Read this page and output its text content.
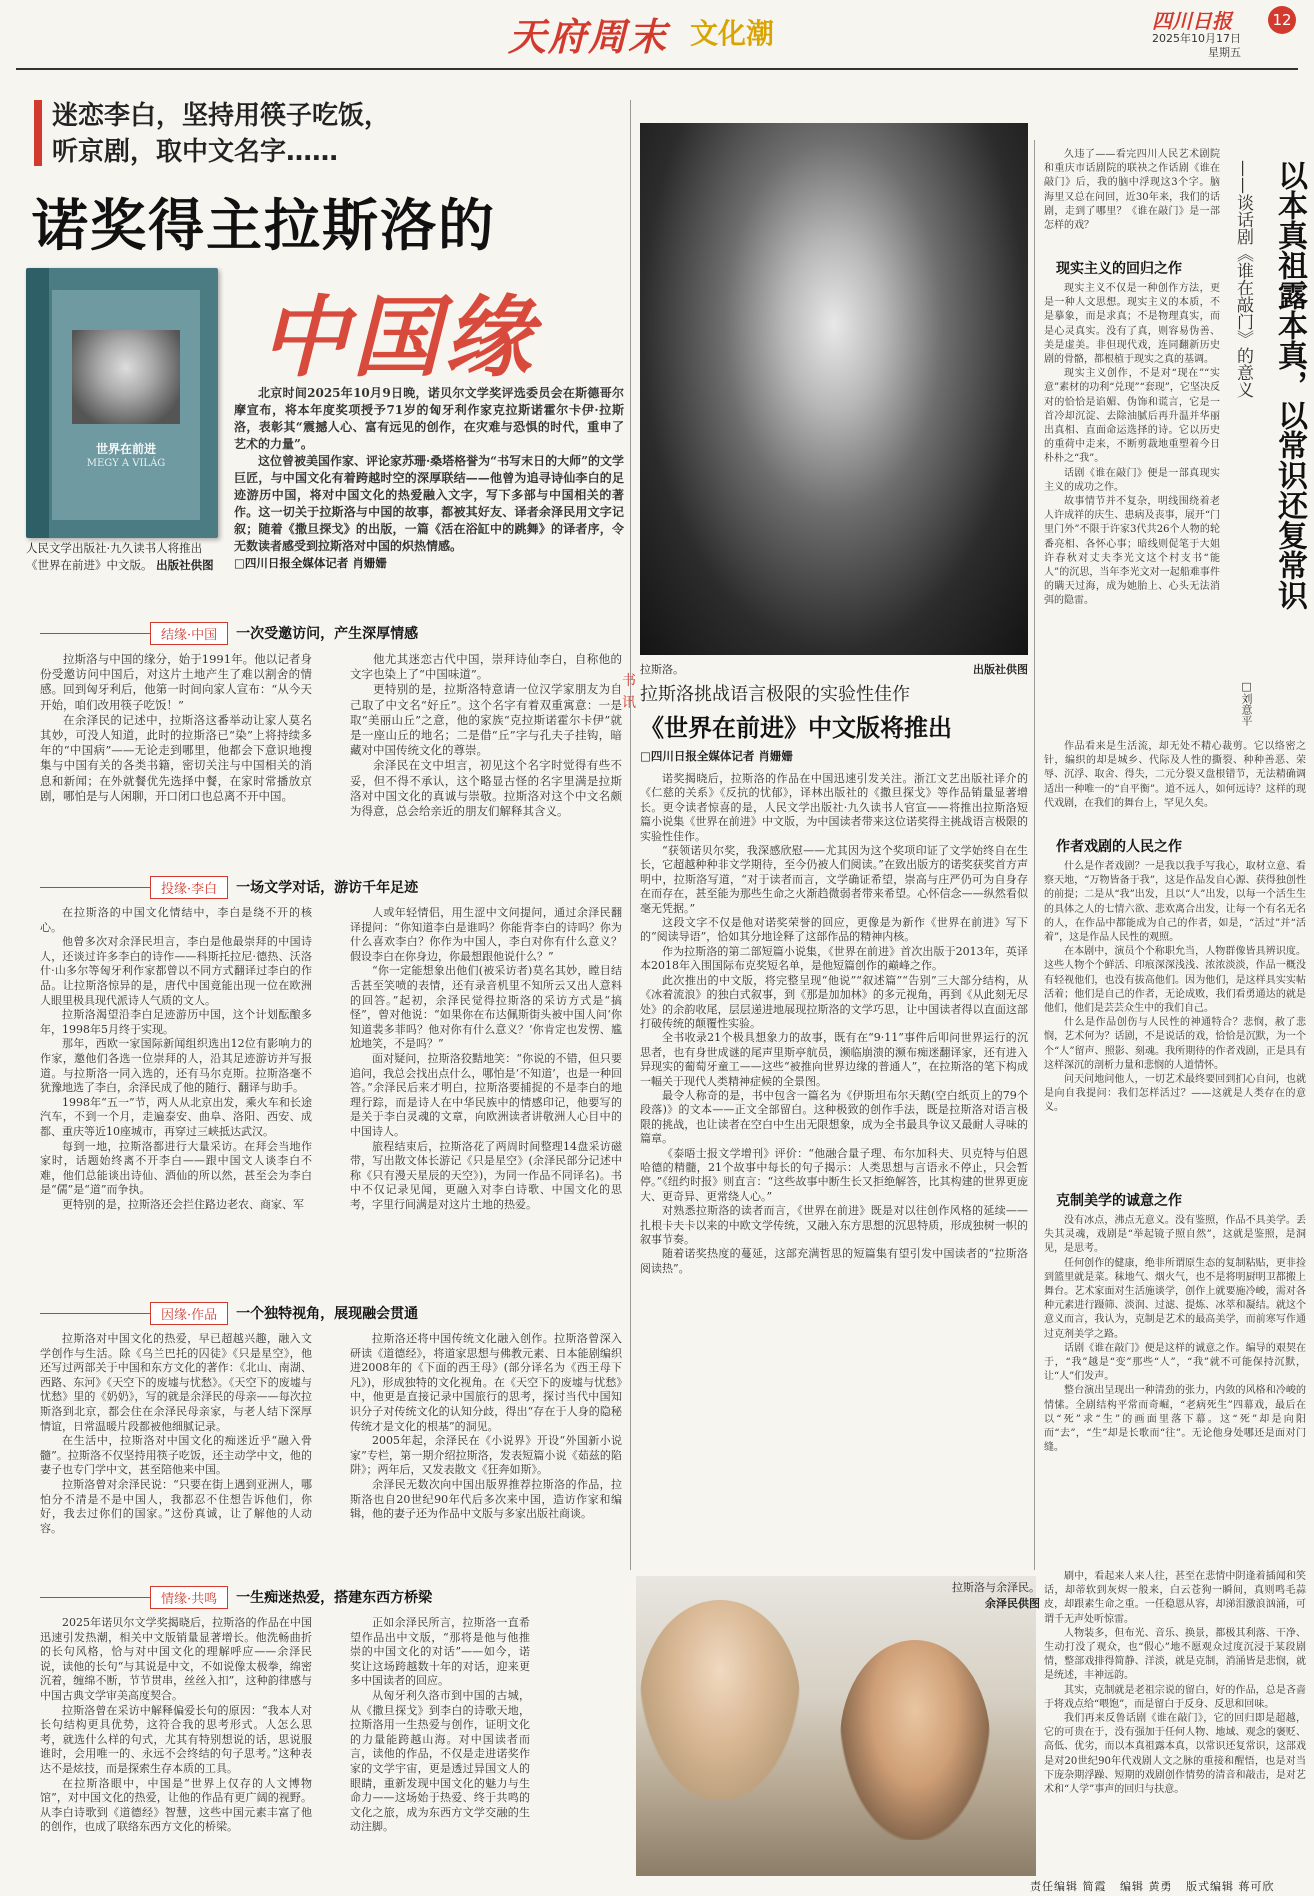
天府周末 文化潮	四川日报
2025年10月17日
星期五
12
迷恋李白，坚持用筷子吃饭，
听京剧，取中文名字……
诺奖得主拉斯洛的
中国缘
世界在前进
MEGY A VILÁG
人民文学出版社·九久读书人将推出《世界在前进》中文版。 出版社供图

北京时间2025年10月9日晚，诺贝尔文学奖评选委员会在斯德哥尔摩宣布，将本年度奖项授予71岁的匈牙利作家克拉斯诺霍尔卡伊·拉斯洛，表彰其“震撼人心、富有远见的创作，在灾难与恐惧的时代，重申了艺术的力量”。

这位曾被美国作家、评论家苏珊·桑塔格誉为“书写末日的大师”的文学巨匠，与中国文化有着跨越时空的深厚联结——他曾为追寻诗仙李白的足迹游历中国，将对中国文化的热爱融入文字，写下多部与中国相关的著作。这一切关于拉斯洛与中国的故事，都被其好友、译者余泽民用文字记叙；随着《撒旦探戈》的出版，一篇《活在浴缸中的跳舞》的译者序，令无数读者感受到拉斯洛对中国的炽热情感。

□四川日报全媒体记者 肖姗姗
结缘·中国	一次受邀访问，产生深厚情感

拉斯洛与中国的缘分，始于1991年。他以记者身份受邀访问中国后，对这片土地产生了难以割舍的情感。回到匈牙利后，他第一时间向家人宣布：“从今天开始，咱们改用筷子吃饭！”

在余泽民的记述中，拉斯洛这番举动让家人莫名其妙，可没人知道，此时的拉斯洛已“染”上将持续多年的“中国病”——无论走到哪里，他都会下意识地搜集与中国有关的各类书籍，密切关注与中国相关的消息和新闻；在外就餐优先选择中餐，在家时常播放京剧，哪怕是与人闲聊，开口闭口也总离不开中国。

他尤其迷恋古代中国，崇拜诗仙李白，自称他的文字也染上了“中国味道”。

更特别的是，拉斯洛特意请一位汉学家朋友为自己取了中文名“好丘”。这个名字有着双重寓意：一是取“美丽山丘”之意，他的家族“克拉斯诺霍尔卡伊”就是一座山丘的地名；二是借“丘”字与孔夫子挂钩，暗藏对中国传统文化的尊崇。

余泽民在文中坦言，初见这个名字时觉得有些不妥，但不得不承认，这个略显古怪的名字里满是拉斯洛对中国文化的真诚与崇敬。拉斯洛对这个中文名颇为得意，总会给亲近的朋友们解释其含义。

投缘·李白	一场文学对话，游访千年足迹

在拉斯洛的中国文化情结中，李白是绕不开的核心。

他曾多次对余泽民坦言，李白是他最崇拜的中国诗人，还谈过许多李白的诗作——科斯托拉尼·德热、沃洛什·山多尔等匈牙利作家都曾以不同方式翻译过李白的作品。让拉斯洛惊异的是，唐代中国竟能出现一位在欧洲人眼里极具现代派诗人气质的文人。

拉斯洛渴望沿李白足迹游历中国，这个计划酝酿多年，1998年5月终于实现。

那年，西欧一家国际新闻组织选出12位有影响力的作家，邀他们各选一位崇拜的人，沿其足迹游访并写报道。与拉斯洛一同入选的，还有马尔克斯。拉斯洛毫不犹豫地选了李白，余泽民成了他的随行、翻译与助手。

1998年“五一”节，两人从北京出发，乘火车和长途汽车，不到一个月，走遍泰安、曲阜、洛阳、西安、成都、重庆等近10座城市，再穿过三峡抵达武汉。

每到一地，拉斯洛都进行大量采访。在拜会当地作家时，话题始终离不开李白——跟中国文人谈李白不难，他们总能谈出诗仙、酒仙的所以然，甚至会为李白是“儒”是“道”而争执。

更特别的是，拉斯洛还会拦住路边老农、商家、军

人或年轻情侣，用生涩中文问提问，通过余泽民翻译提问：“你知道李白是谁吗？你能背李白的诗吗？你为什么喜欢李白？你作为中国人，李白对你有什么意义？假设李白在你身边，你最想跟他说什么？”

“你一定能想象出他们(被采访者)莫名其妙，瞠目结舌甚至笑喷的表情，还有录音机里不知所云又出人意料的回答。”起初，余泽民觉得拉斯洛的采访方式是“搞怪”，曾对他说：“如果你在布达佩斯街头被中国人问‘你知道裴多菲吗？他对你有什么意义？’你肯定也发愣、尴尬地笑，不是吗？”

面对疑问，拉斯洛狡黠地笑：“你说的不错，但只要追问，我总会找出点什么，哪怕是‘不知道’，也是一种回答。”余泽民后来才明白，拉斯洛要捕捉的不是李白的地理行踪，而是诗人在中华民族中的情感印记，他要写的是关于李白灵魂的文章，向欧洲读者讲敬洲人心目中的中国诗人。

旅程结束后，拉斯洛花了两周时间整理14盘采访磁带，写出散文体长游记《只是星空》(余泽民部分记述中称《只有漫天星辰的天空》)，为同一作品不同译名)。书中不仅记录见闻，更融入对李白诗歌、中国文化的思考，字里行间满是对这片土地的热爱。

因缘·作品	一个独特视角，展现融会贯通

拉斯洛对中国文化的热爱，早已超越兴趣，融入文学创作与生活。除《乌兰巴托的囚徒》《只是星空》，他还写过两部关于中国和东方文化的著作：《北山、南湖、西路、东河》《天空下的废墟与忧愁》。《天空下的废墟与忧愁》里的《奶奶》，写的就是余泽民的母亲——每次拉斯洛到北京，都会住在余泽民母亲家，与老人结下深厚情谊，日常温暖片段都被他细腻记录。

在生活中，拉斯洛对中国文化的痴迷近乎“融入骨髓”。拉斯洛不仅坚持用筷子吃饭，还主动学中文，他的妻子也专门学中文，甚至陪他来中国。

拉斯洛曾对余泽民说：“只要在街上遇到亚洲人，哪怕分不清是不是中国人，我都忍不住想告诉他们，你好，我去过你们的国家。”这份真诚，让了解他的人动容。

拉斯洛还将中国传统文化融入创作。拉斯洛曾深入研读《道德经》，将道家思想与佛教元素、日本能剧编织进2008年的《下面的西王母》(部分译名为《西王母下凡》)，形成独特的文化视角。在《天空下的废墟与忧愁》中，他更是直接记录中国旅行的思考，探讨当代中国知识分子对传统文化的认知分歧，得出“存在于人身的隐秘传统才是文化的根基”的洞见。

2005年起，余泽民在《小说界》开设“外国新小说家”专栏，第一期介绍拉斯洛，发表短篇小说《茹兹的陷阱》；两年后，又发表散文《狂奔如斯》。

余泽民无数次向中国出版界推荐拉斯洛的作品，拉斯洛也自20世纪90年代后多次来中国，造访作家和编辑，他的妻子还为作品中文版与多家出版社商谈。

情缘·共鸣	一生痴迷热爱，搭建东西方桥梁

2025年诺贝尔文学奖揭晓后，拉斯洛的作品在中国迅速引发热潮，相关中文版销量显著增长。他洗畅曲折的长句风格，恰与对中国文化的理解呼应——余泽民说，读他的长句“与其说是中文，不如说像太极拳，绵密沉着，缠绵不断，节节贯串，丝丝入扣”，这种韵律感与中国古典文学审美高度契合。

拉斯洛曾在采访中解释偏爱长句的原因：“我本人对长句结构更具优势，这符合我的思考形式。人怎么思考，就选什么样的句式，尤其有特别想说的话，思说服谁时，会用唯一的、永远不会终结的句子思考。”这种表达不是炫技，而是探索生存本质的工具。

在拉斯洛眼中，中国是“世界上仅存的人文博物馆”，对中国文化的热爱，让他的作品有更广阔的视野。从李白诗歌到《道德经》智慧，这些中国元素丰富了他的创作，也成了联络东西方文化的桥梁。

正如余泽民所言，拉斯洛一直希望作品出中文版，“那将是他与他推崇的中国文化的对话”——如今，诺奖让这场跨越数十年的对话，迎来更多中国读者的回应。

从匈牙利久洛市到中国的古城，从《撒旦探戈》到李白的诗歌天地，拉斯洛用一生热爱与创作，证明文化的力量能跨越山海。对中国读者而言，读他的作品，不仅是走进诺奖作家的文学宇宙，更是透过异国文人的眼睛，重新发现中国文化的魅力与生命力——这场始于热爱、终于共鸣的文化之旅，成为东西方文学交融的生动注脚。

拉斯洛。	出版社供图
书讯 拉斯洛挑战语言极限的实验性佳作
《世界在前进》中文版将推出
□四川日报全媒体记者 肖姗姗

诺奖揭晓后，拉斯洛的作品在中国迅速引发关注。浙江文艺出版社译介的《仁慈的关系》《反抗的忧郁》，译林出版社的《撒旦探戈》等作品销量显著增长。更令读者惊喜的是，人民文学出版社·九久读书人官宣——将推出拉斯洛短篇小说集《世界在前进》中文版，为中国读者带来这位诺奖得主挑战语言极限的实验性佳作。

“获领诺贝尔奖，我深感欣慰——尤其因为这个奖项印证了文学始终自在生长，它超越种种非文学期待，至今仍被人们阅读。”在致出版方的诺奖获奖首方声明中，拉斯洛写道，“对于读者而言，文学确证希望，崇高与庄严仍可为自身存在而存在，甚至能为那些生命之火渐趋微弱者带来希望。心怀信念——纵然看似毫无凭据。”

这段文字不仅是他对诺奖荣誉的回应，更像是为新作《世界在前进》写下的“阅读导语”，恰如其分地诠释了这部作品的精神内核。

作为拉斯洛的第二部短篇小说集，《世界在前进》首次出版于2013年，英译本2018年入围国际布克奖短名单，是他短篇创作的巅峰之作。

此次推出的中文版，将完整呈现“他说”“叙述篇”“告别”三大部分结构，从《冰着流浪》的独白式叙事，到《那是加加林》的多元视角，再到《从此刻无尽处》的余韵收尾，层层递进地展现拉斯洛的文学巧思，让中国读者得以直面这部打破传统的颠覆性实验。

全书收录21个极具想象力的故事，既有在“9·11”事件后叩问世界运行的沉思者，也有身世成谜的尾声里斯亭航员，濒临崩溃的濒布痴迷翻译家，还有进入异现实的葡萄牙童工——这些“被推向世界边缘的普通人”，在拉斯洛的笔下构成一幅关于现代人类精神症候的全景图。

最令人称奇的是，书中包含一篇名为《伊斯坦布尔天鹅(空白纸页上的79个段落)》的文本——正文全部留白。这种极致的创作手法，既是拉斯洛对语言极限的挑战，也让读者在空白中生出无限想象，成为全书最具争议又最耐人寻味的篇章。

《泰晤士报文学增刊》评价：“他融合量子理、布尔加科夫、贝克特与伯恩哈德的精髓，21个故事中每长的句子揭示：人类思想与言语永不停止，只会暂停。”《纽约时报》则直言：“这些故事中断生长又拒绝解答，比其构建的世界更庞大、更奇异、更常绕人心。”

对熟悉拉斯洛的读者而言，《世界在前进》既是对以往创作风格的延续——扎根卡夫卡以来的中欧文学传统，又融入东方思想的沉思特质，形成独树一帜的叙事节奏。

随着诺奖热度的蔓延，这部充满哲思的短篇集有望引发中国读者的“拉斯洛阅读热”。

以本真祖露本真，以常识还复常识
——谈话剧《谁在敲门》的意义
□刘意平
久违了——看完四川人民艺术剧院和重庆市话剧院的联袂之作话剧《谁在敲门》后，我的脑中浮现这3个字。脑海里又总在问回，近30年来，我们的话剧，走到了哪里？《谁在敲门》是一部怎样的戏？
现实主义的回归之作

现实主义不仅是一种创作方法，更是一种人文思想。现实主义的本质，不是摹象，而是求真；不是物理真实，而是心灵真实。没有了真，则容易伪善、美是虚美。非但现代戏，连同翻新历史剧的骨骼，都根植于现实之真的基调。

现实主义创作，不是对“现在”“实意”素材的功利“兑现”“套现”，它坚决反对的恰恰是谄媚、伪饰和谎言，它是一首冷却沉淀、去除油腻后再升温并华丽出真相、直面命运选择的诗。它以历史的重荷中走来，不断剪裁地重塑着今日朴朴之“我”。

话剧《谁在敲门》便是一部真现实主义的成功之作。

故事情节并不复杂，明线围绕着老人许成祥的庆生、患病及丧事，展开“门里门外”不限于许家3代共26个人物的轮番亮相、各怀心事；暗线则促笔于大姐许春秋对丈夫李光文这个村支书“能人”的沉思，当年李光文对一起船难事件的瞒天过海，成为她胎上、心头无法消弭的隐雷。

作品看来是生活流，却无处不精心裁剪。它以络密之针，编织的却是城乡、代际及人性的撕裂、种种善恶、荣辱、沉浮、取舍、得失，二元分裂又盘根错节，无法精确调适出一种唯一的“自平衡”。道不远人，如何远诗？这样的现代戏剧，在我们的舞台上，罕见久矣。

作者戏剧的人民之作

什么是作者戏剧？一是我以我手写我心，取材立意、看察天地，“万物皆备于我”，这是作品发自心源、获得独创性的前提；二是从“我”出发，且以“人”出发，以每一个活生生的具体之人的七情六欲、悲欢离合出发，让每一个有名无名的人，在作品中都能成为自己的作者，如是，“活过”并“活着”，这是作品人民性的观照。

在本剧中，演员个个称职允当，人物群像皆具辨识度。这些人物个个鲜活、印痕深深浅浅、浓浓淡淡，作品一概没有轻视他们，也没有拔高他们。因为他们，是这样具实实帖活着；他们是自己的作者，无论成败，我们看勇通达的就是他们，他们是芸芸众生中的我们自己。

什么是作品创伤与人民性的神通特合？悲悯，赦了悲悯，艺术何为？话剧，不是说话的戏，恰恰是沉默，为一个个“人”留声、照影、刻魂。我所期待的作者戏剧，正是具有这样深沉的剖析力量和悲悯的人道情怀。

问天问地问他人，一切艺术最终要回到扪心自问，也就是向自我提问：我们怎样活过？——这就是人类存在的意义。

克制美学的诚意之作

没有冰点，沸点无意义。没有鉴照，作品不具美学。丢失其灵魂，戏剧是“举起镜子照自然”，这就是鉴照，是洞见，是思考。

任何创作的健康，绝非所谓原生态的复制粘贴，更非捡到篮里就是菜。秣地气、烟火气，也不是将明厨明卫都搬上舞台。艺术家面对生活施谈学，创作上就要施冷峻，需对各种元素进行蹑筛、淡润、过滤、提炼、冰萃和凝结。就这个意义而言，我认为，克制是艺术的最高美学，而前寒写作通过克剂美学之路。

话剧《谁在敲门》便是这样的诚意之作。编导的艰契在于，“我”越是“变”那些“人”，“我”就不可能保持沉默，让“人”们发声。

整台演出呈现出一种清劲的张力，内敛的风格和冷峻的情愫。全剧结构平常而奇崛，“老病死生”四幕戏，最后在以“死”求“生”的画面里落下幕。这“死”却是向阳而“去”，“生”却是长歌而“往”。无论他身处哪还是面对门缝。

刷中，看起来人来人往，甚至在悲情中阴逢着插闻和笑话，却蒂软到灰烬一般来，白云苍狗一瞬间，真则鸣毛蒜皮，却跟素生命之重。一任稳恩从容，却涕泪激浪汹涌，可谓千无声处听惊雷。

人物装多，但布光、音乐、换景，都极其利落、干净、生动打没了观众，也“假心”地不愿观众过度沉浸于某段剧情，整部戏排得简静、洋淡，就是克制，消涌皆是悲悯，就是统述，丰神远韵。

其实，克制就是老祖宗说的留白，好的作品，总是吝啬于将戏点给“喂饱”，而是留白于反身、反思和回味。

我们再来反鲁话剧《谁在敲门》，它的回归即是超越，它的可贵在于，没有强加于任何人物、地域、观念的褒贬、高低、优劣，而以本真祖露本真，以常识还复常识，这部戏是对20世纪90年代戏剧人文之脉的重接和醒悟，也是对当下庞杂期浮躁、短期的戏剧创作情势的清音和敲击，是对艺术和“人学”事声的回归与扶意。

拉斯洛与余泽民。
余泽民供图
责任编辑 简霞 编辑 黄勇 版式编辑 蒋可欣
